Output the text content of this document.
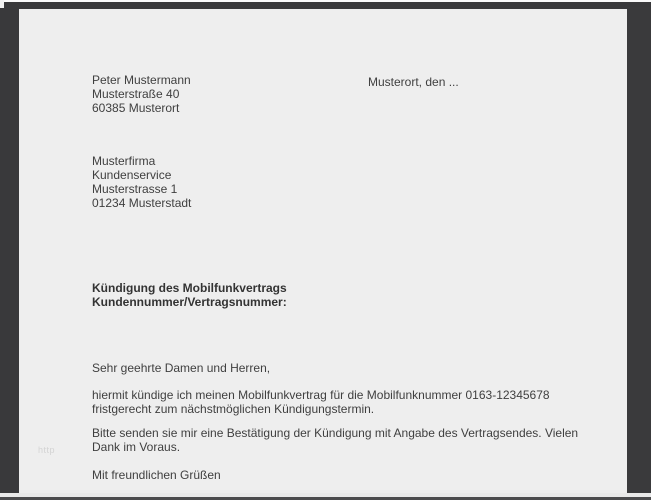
Peter Mustermann
Musterstraße 40
60385 Musterort
Musterort, den ...
Musterfirma
Kundenservice
Musterstrasse 1
01234 Musterstadt
Kündigung des Mobilfunkvertrags
Kundennummer/Vertragsnummer:
Sehr geehrte Damen und Herren,
hiermit kündige ich meinen Mobilfunkvertrag für die Mobilfunknummer 0163-12345678 fristgerecht zum nächstmöglichen Kündigungstermin.
Bitte senden sie mir eine Bestätigung der Kündigung mit Angabe des Vertragsendes. Vielen Dank im Voraus.
Mit freundlichen Grüßen
http
